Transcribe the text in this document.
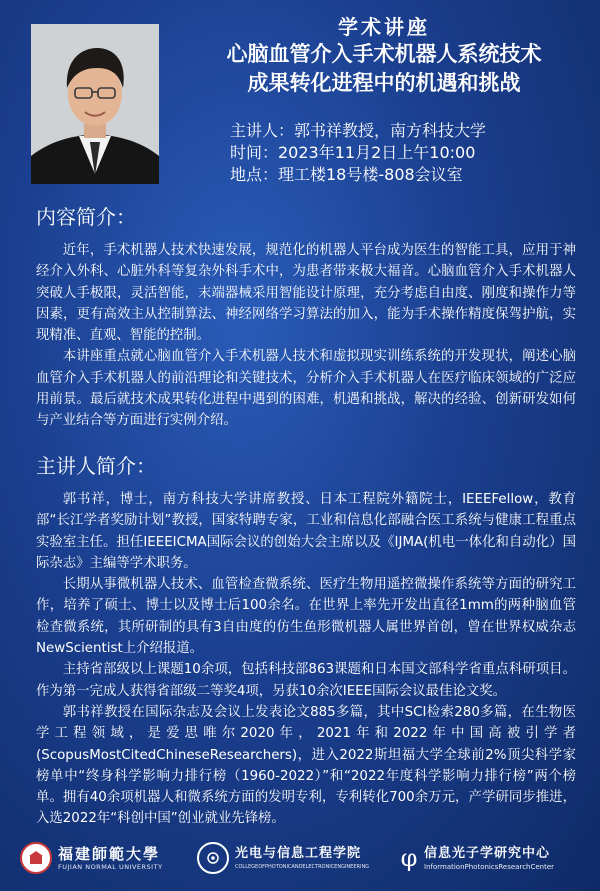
学术讲座
心脑血管介入手术机器人系统技术
成果转化进程中的机遇和挑战
主讲人：郭书祥教授，南方科技大学
时间：2023年11月2日上午10:00
地点：理工楼18号楼-808会议室
内容简介：

近年，手术机器人技术快速发展，规范化的机器人平台成为医生的智能工具，应用于神经介入外科、心脏外科等复杂外科手术中，为患者带来极大福音。心脑血管介入手术机器人突破人手极限，灵活智能，末端器械采用智能设计原理，充分考虑自由度、刚度和操作力等因素，更有高效主从控制算法、神经网络学习算法的加入，能为手术操作精度保驾护航，实现精准、直观、智能的控制。

本讲座重点就心脑血管介入手术机器人技术和虚拟现实训练系统的开发现状，阐述心脑血管介入手术机器人的前沿理论和关键技术，分析介入手术机器人在医疗临床领域的广泛应用前景。最后就技术成果转化进程中遇到的困难，机遇和挑战，解决的经验、创新研发如何与产业结合等方面进行实例介绍。

主讲人简介：

郭书祥，博士，南方科技大学讲席教授、日本工程院外籍院士，IEEEFellow，教育部“长江学者奖励计划”教授，国家特聘专家，工业和信息化部融合医工系统与健康工程重点实验室主任。担任IEEEICMA国际会议的创始大会主席以及《IJMA(机电一体化和自动化）国际杂志》主编等学术职务。

长期从事微机器人技术、血管检查微系统、医疗生物用遥控微操作系统等方面的研究工作，培养了硕士、博士以及博士后100余名。在世界上率先开发出直径1mm的两种脑血管检查微系统，其所研制的具有3自由度的仿生鱼形微机器人属世界首创，曾在世界权威杂志NewScientist上介绍报道。

主持省部级以上课题10余项，包括科技部863课题和日本国文部科学省重点科研项目。作为第一完成人获得省部级二等奖4项，另获10余次IEEE国际会议最佳论文奖。

郭书祥教授在国际杂志及会议上发表论文885多篇，其中SCI检索280多篇，在生物医学工程领域，是爱思唯尔2020年，2021年和2022年中国高被引学者(ScopusMostCitedChineseResearchers)，进入2022斯坦福大学全球前2%顶尖科学家榜单中“终身科学影响力排行榜（1960-2022）”和“2022年度科学影响力排行榜”两个榜单。拥有40余项机器人和微系统方面的发明专利，专利转化700余万元，产学研同步推进，入选2022年“科创中国”创业就业先锋榜。

福建師範大學
FUJIAN NORMAL UNIVERSITY
光电与信息工程学院
COLLEGEOFPHOTONICANDELECTRONICENGINEERING φ 信息光子学研究中心
InformationPhotonicsResearchCenter
